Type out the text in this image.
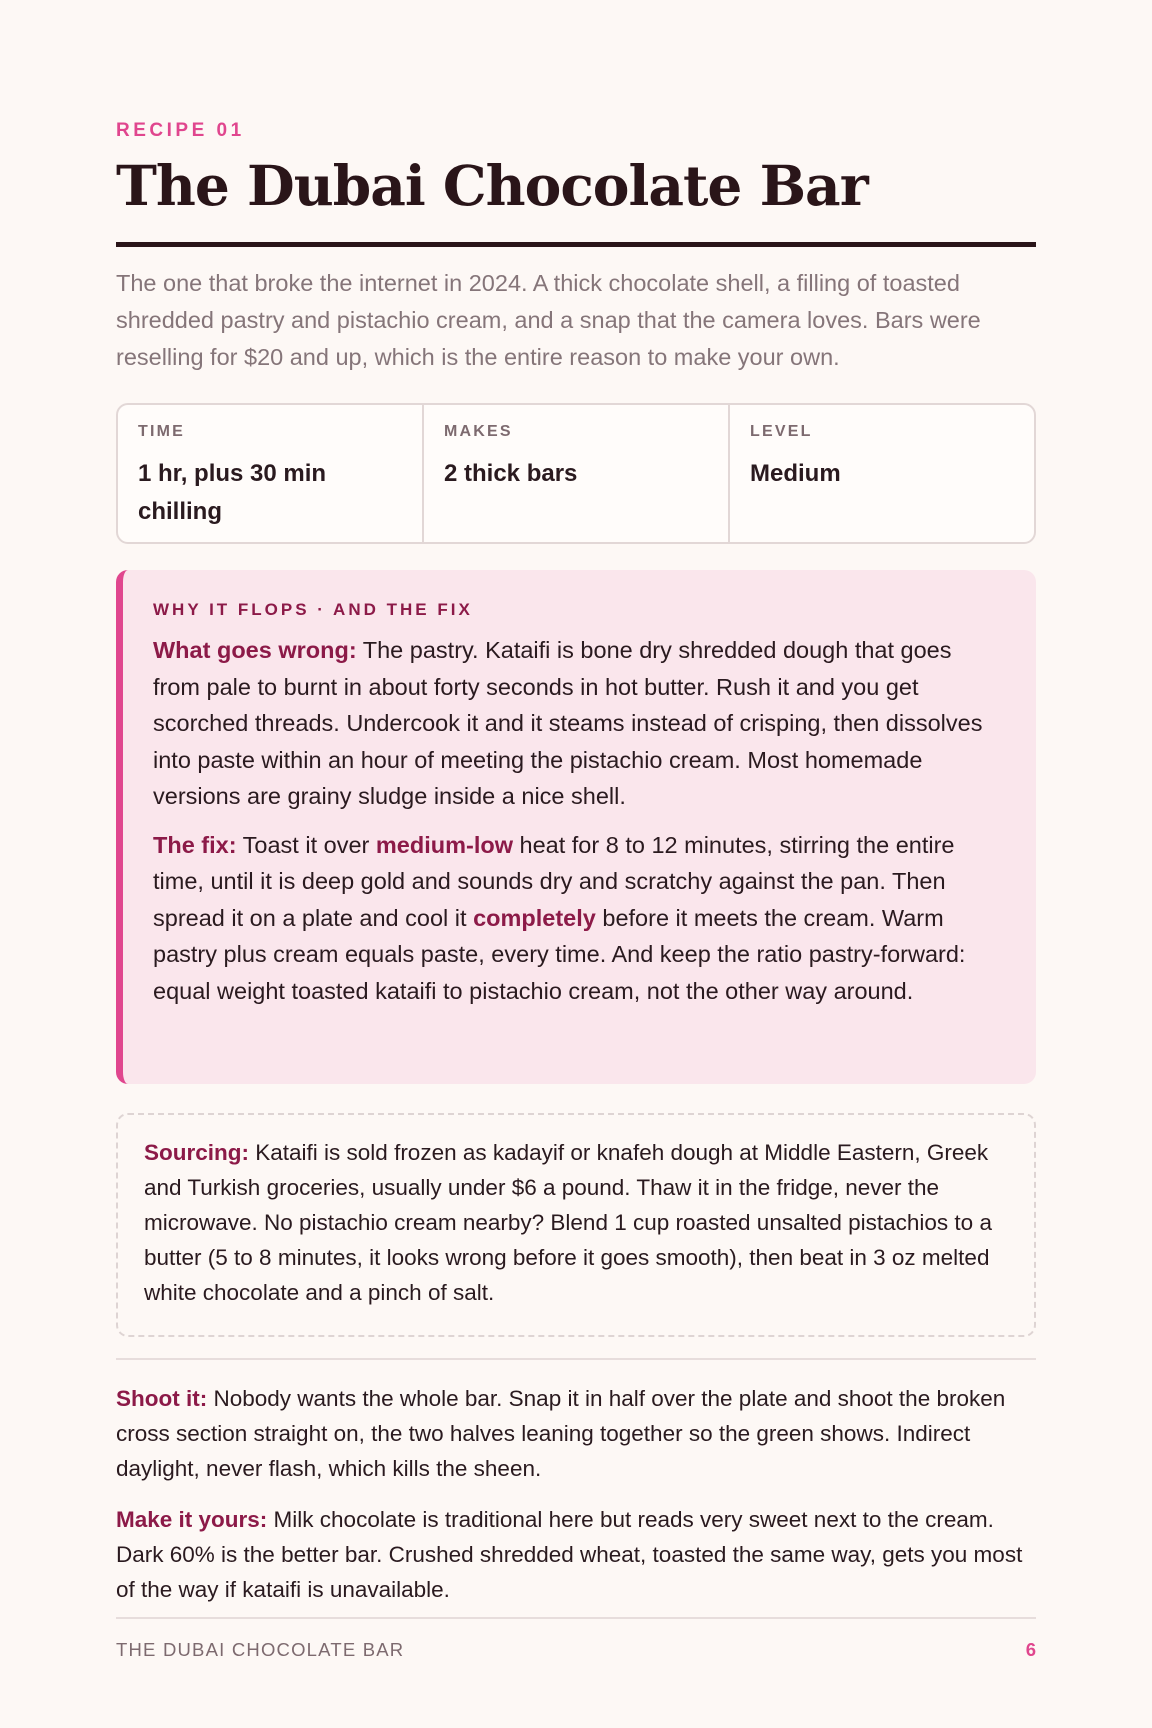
RECIPE 01
The Dubai Chocolate Bar

The one that broke the internet in 2024. A thick chocolate shell, a filling of toasted shredded pastry and pistachio cream, and a snap that the camera loves. Bars were reselling for $20 and up, which is the entire reason to make your own.

TIME
1 hr, plus 30 min chilling
MAKES
2 thick bars
LEVEL
Medium
WHY IT FLOPS · AND THE FIX

What goes wrong: The pastry. Kataifi is bone dry shredded dough that goes from pale to burnt in about forty seconds in hot butter. Rush it and you get scorched threads. Undercook it and it steams instead of crisping, then dissolves into paste within an hour of meeting the pistachio cream. Most homemade versions are grainy sludge inside a nice shell.

The fix: Toast it over medium-low heat for 8 to 12 minutes, stirring the entire time, until it is deep gold and sounds dry and scratchy against the pan. Then spread it on a plate and cool it completely before it meets the cream. Warm pastry plus cream equals paste, every time. And keep the ratio pastry-forward: equal weight toasted kataifi to pistachio cream, not the other way around.

Sourcing: Kataifi is sold frozen as kadayif or knafeh dough at Middle Eastern, Greek and Turkish groceries, usually under $6 a pound. Thaw it in the fridge, never the microwave. No pistachio cream nearby? Blend 1 cup roasted unsalted pistachios to a butter (5 to 8 minutes, it looks wrong before it goes smooth), then beat in 3 oz melted white chocolate and a pinch of salt.

Shoot it: Nobody wants the whole bar. Snap it in half over the plate and shoot the broken cross section straight on, the two halves leaning together so the green shows. Indirect daylight, never flash, which kills the sheen.

Make it yours: Milk chocolate is traditional here but reads very sweet next to the cream. Dark 60% is the better bar. Crushed shredded wheat, toasted the same way, gets you most of the way if kataifi is unavailable.

THE DUBAI CHOCOLATE BAR	6
